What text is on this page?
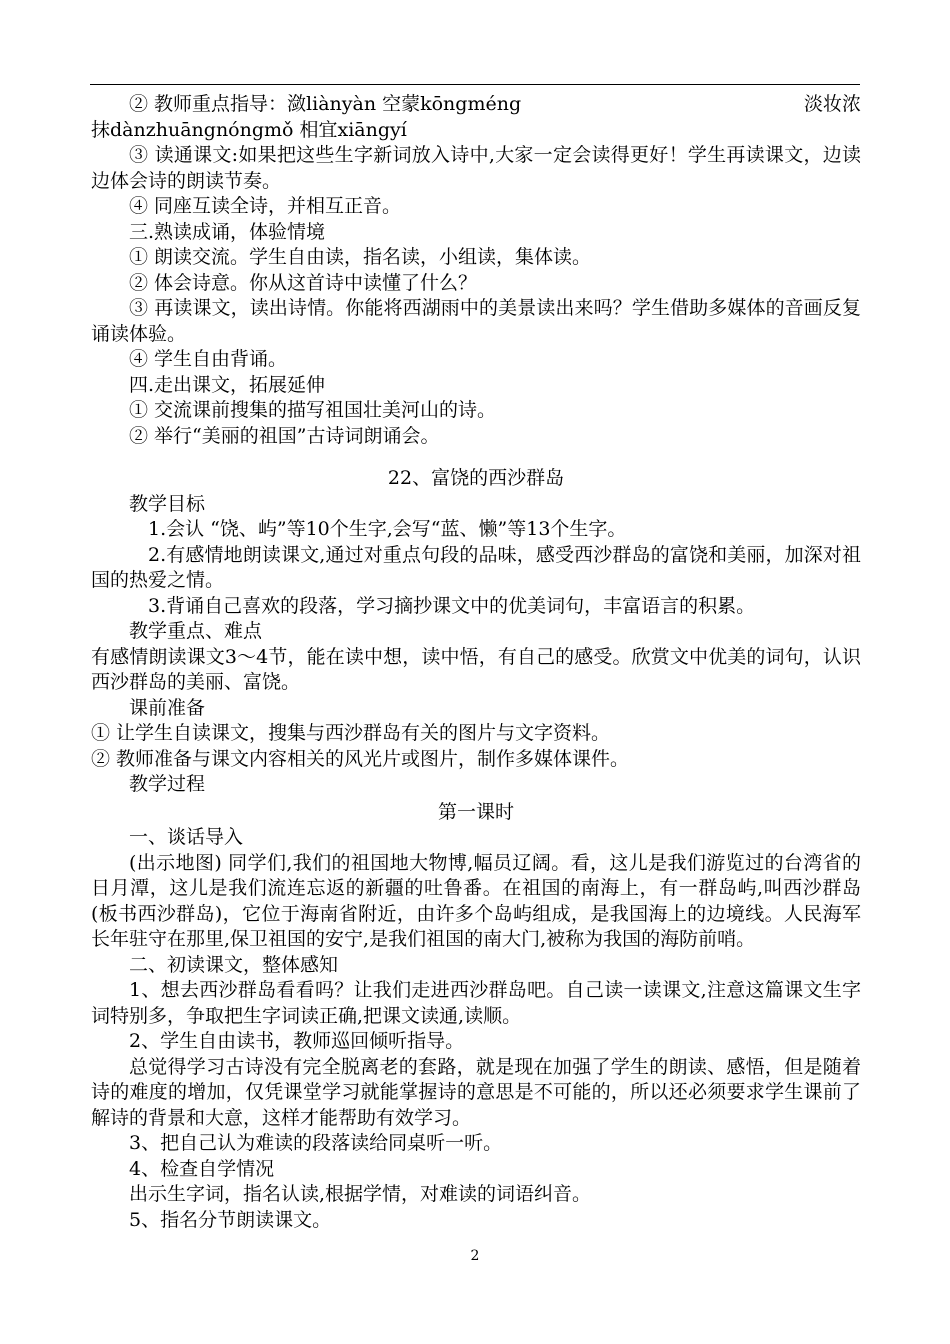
② 教师重点指导：潋liànyàn 空蒙kōngméng	淡妆浓

抹dànzhuāngnóngmǒ 相宜xiāngyí

③ 读通课文:如果把这些生字新词放入诗中,大家一定会读得更好！学生再读课文，边读边体会诗的朗读节奏。

④ 同座互读全诗，并相互正音。

三.熟读成诵，体验情境

① 朗读交流。学生自由读，指名读，小组读，集体读。

② 体会诗意。你从这首诗中读懂了什么？

③ 再读课文，读出诗情。你能将西湖雨中的美景读出来吗？学生借助多媒体的音画反复诵读体验。

④ 学生自由背诵。

四.走出课文，拓展延伸

① 交流课前搜集的描写祖国壮美河山的诗。

② 举行“美丽的祖国”古诗词朗诵会。

22、富饶的西沙群岛

教学目标

1.会认 “饶、屿”等10个生字,会写“蓝、懒”等13个生字。

2.有感情地朗读课文,通过对重点句段的品味，感受西沙群岛的富饶和美丽，加深对祖国的热爱之情。

3.背诵自己喜欢的段落，学习摘抄课文中的优美词句，丰富语言的积累。

教学重点、难点

有感情朗读课文3～4节，能在读中想，读中悟，有自己的感受。欣赏文中优美的词句，认识西沙群岛的美丽、富饶。

课前准备

① 让学生自读课文，搜集与西沙群岛有关的图片与文字资料。

② 教师准备与课文内容相关的风光片或图片，制作多媒体课件。

教学过程

第一课时

一、谈话导入

(出示地图) 同学们,我们的祖国地大物博,幅员辽阔。看，这儿是我们游览过的台湾省的日月潭，这儿是我们流连忘返的新疆的吐鲁番。在祖国的南海上，有一群岛屿,叫西沙群岛(板书西沙群岛)，它位于海南省附近，由许多个岛屿组成，是我国海上的边境线。人民海军长年驻守在那里,保卫祖国的安宁,是我们祖国的南大门,被称为我国的海防前哨。

二、初读课文，整体感知

1、想去西沙群岛看看吗？让我们走进西沙群岛吧。自己读一读课文,注意这篇课文生字词特别多，争取把生字词读正确,把课文读通,读顺。

2、学生自由读书，教师巡回倾听指导。

总觉得学习古诗没有完全脱离老的套路，就是现在加强了学生的朗读、感悟，但是随着诗的难度的增加，仅凭课堂学习就能掌握诗的意思是不可能的，所以还必须要求学生课前了解诗的背景和大意，这样才能帮助有效学习。

3、把自己认为难读的段落读给同桌听一听。

4、检查自学情况

出示生字词，指名认读,根据学情，对难读的词语纠音。

5、指名分节朗读课文。

2
